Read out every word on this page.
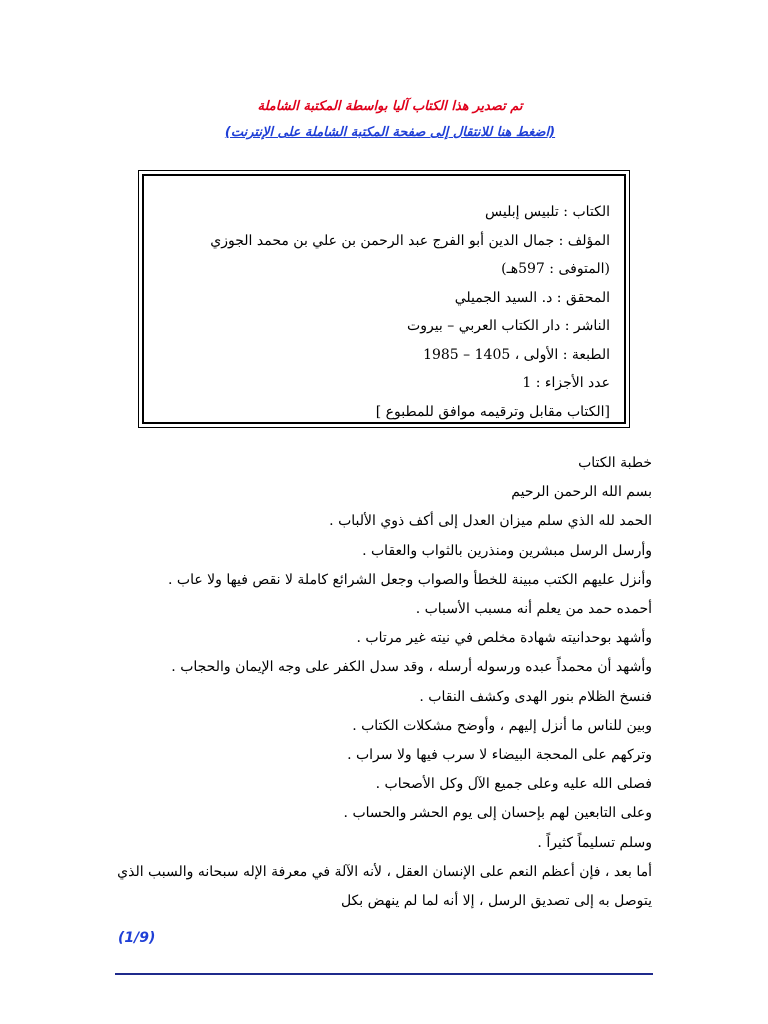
تم تصدير هذا الكتاب آليا بواسطة المكتبة الشاملة
(اضغط هنا للانتقال إلى صفحة المكتبة الشاملة على الإنترنت)
الكتاب : تلبيس إبليس
المؤلف : جمال الدين أبو الفرج عبد الرحمن بن علي بن محمد الجوزي
(المتوفى : 597هـ)
المحقق : د. السيد الجميلي
الناشر : دار الكتاب العربي – بيروت
الطبعة : الأولى ، 1405 – 1985
عدد الأجزاء : 1
[الكتاب مقابل وترقيمه موافق للمطبوع ]
خطبة الكتاب
بسم الله الرحمن الرحيم
الحمد لله الذي سلم ميزان العدل إلى أكف ذوي الألباب .
وأرسل الرسل مبشرين ومنذرين بالثواب والعقاب .
وأنزل عليهم الكتب مبينة للخطأ والصواب وجعل الشرائع كاملة لا نقص فيها ولا عاب .
أحمده حمد من يعلم أنه مسبب الأسباب .
وأشهد بوحدانيته شهادة مخلص في نيته غير مرتاب .
وأشهد أن محمداً عبده ورسوله أرسله ، وقد سدل الكفر على وجه الإيمان والحجاب .
فنسخ الظلام بنور الهدى وكشف النقاب .
وبين للناس ما أنزل إليهم ، وأوضح مشكلات الكتاب .
وتركهم على المحجة البيضاء لا سرب فيها ولا سراب .
فصلى الله عليه وعلى جميع الآل وكل الأصحاب .
وعلى التابعين لهم بإحسان إلى يوم الحشر والحساب .
وسلم تسليماً كثيراً .
أما بعد ، فإن أعظم النعم على الإنسان العقل ، لأنه الآلة في معرفة الإله سبحانه والسبب الذي
يتوصل به إلى تصديق الرسل ، إلا أنه لما لم ينهض بكل
(1/9)
